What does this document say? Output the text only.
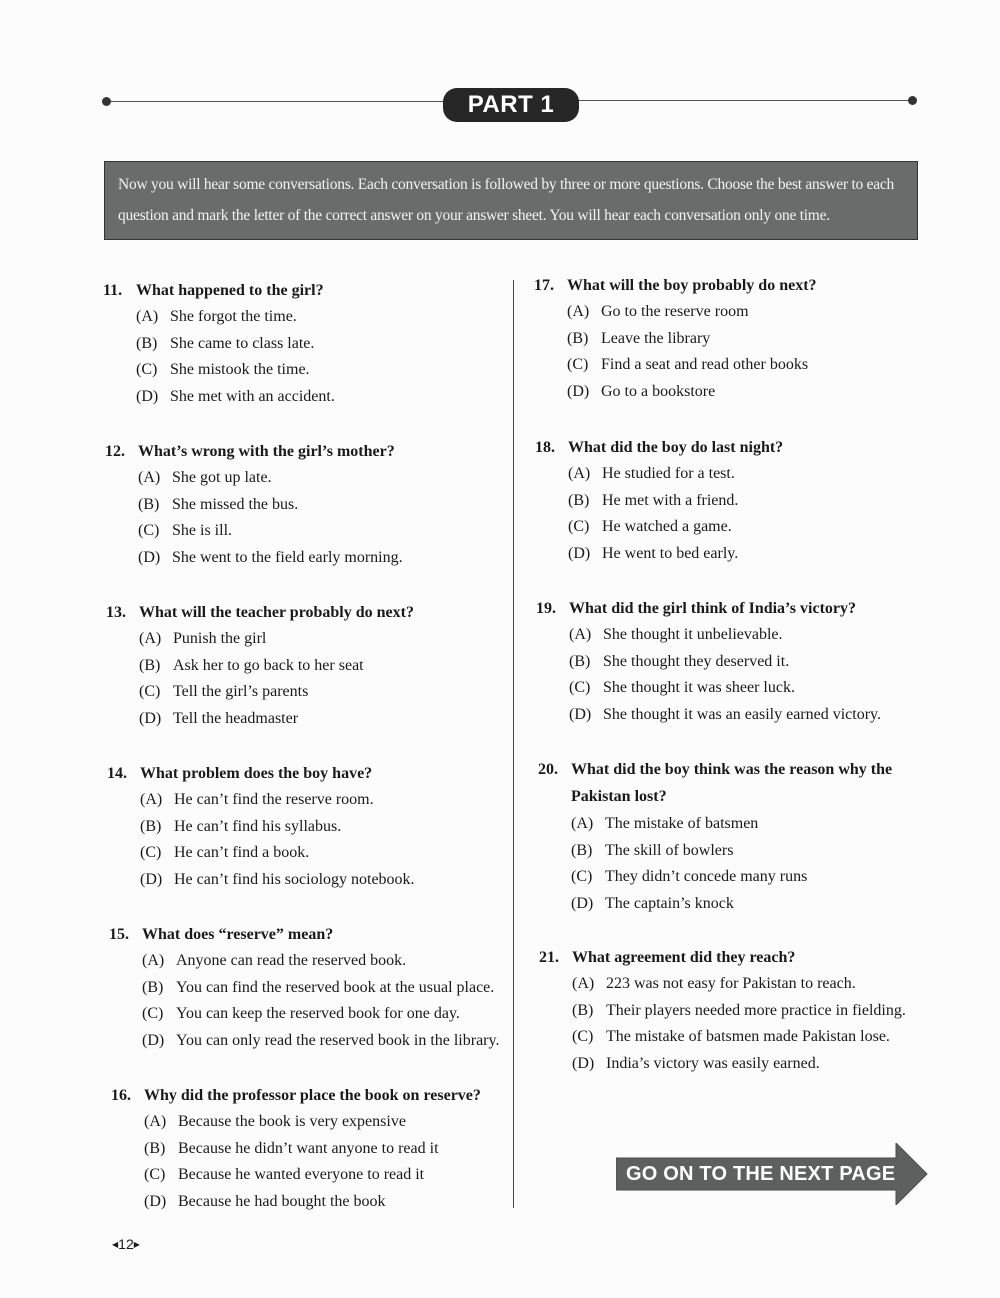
PART 1
Now you will hear some conversations. Each conversation is followed by three or more questions. Choose the best answer to each question and mark the letter of the correct answer on your answer sheet. You will hear each conversation only one time.
11. What happened to the girl?
(A) She forgot the time.
(B) She came to class late.
(C) She mistook the time.
(D) She met with an accident.
12. What’s wrong with the girl’s mother?
(A) She got up late.
(B) She missed the bus.
(C) She is ill.
(D) She went to the field early morning.
13. What will the teacher probably do next?
(A) Punish the girl
(B) Ask her to go back to her seat
(C) Tell the girl’s parents
(D) Tell the headmaster
14. What problem does the boy have?
(A) He can’t find the reserve room.
(B) He can’t find his syllabus.
(C) He can’t find a book.
(D) He can’t find his sociology notebook.
15. What does “reserve” mean?
(A) Anyone can read the reserved book.
(B) You can find the reserved book at the usual place.
(C) You can keep the reserved book for one day.
(D) You can only read the reserved book in the library.
16. Why did the professor place the book on reserve?
(A) Because the book is very expensive
(B) Because he didn’t want anyone to read it
(C) Because he wanted everyone to read it
(D) Because he had bought the book
17. What will the boy probably do next?
(A) Go to the reserve room
(B) Leave the library
(C) Find a seat and read other books
(D) Go to a bookstore
18. What did the boy do last night?
(A) He studied for a test.
(B) He met with a friend.
(C) He watched a game.
(D) He went to bed early.
19. What did the girl think of India’s victory?
(A) She thought it unbelievable.
(B) She thought they deserved it.
(C) She thought it was sheer luck.
(D) She thought it was an easily earned victory.
20. What did the boy think was the reason why the
Pakistan lost?
(A) The mistake of batsmen
(B) The skill of bowlers
(C) They didn’t concede many runs
(D) The captain’s knock
21. What agreement did they reach?
(A) 223 was not easy for Pakistan to reach.
(B) Their players needed more practice in fielding.
(C) The mistake of batsmen made Pakistan lose.
(D) India’s victory was easily earned.
GO ON TO THE NEXT PAGE
◀12▶
